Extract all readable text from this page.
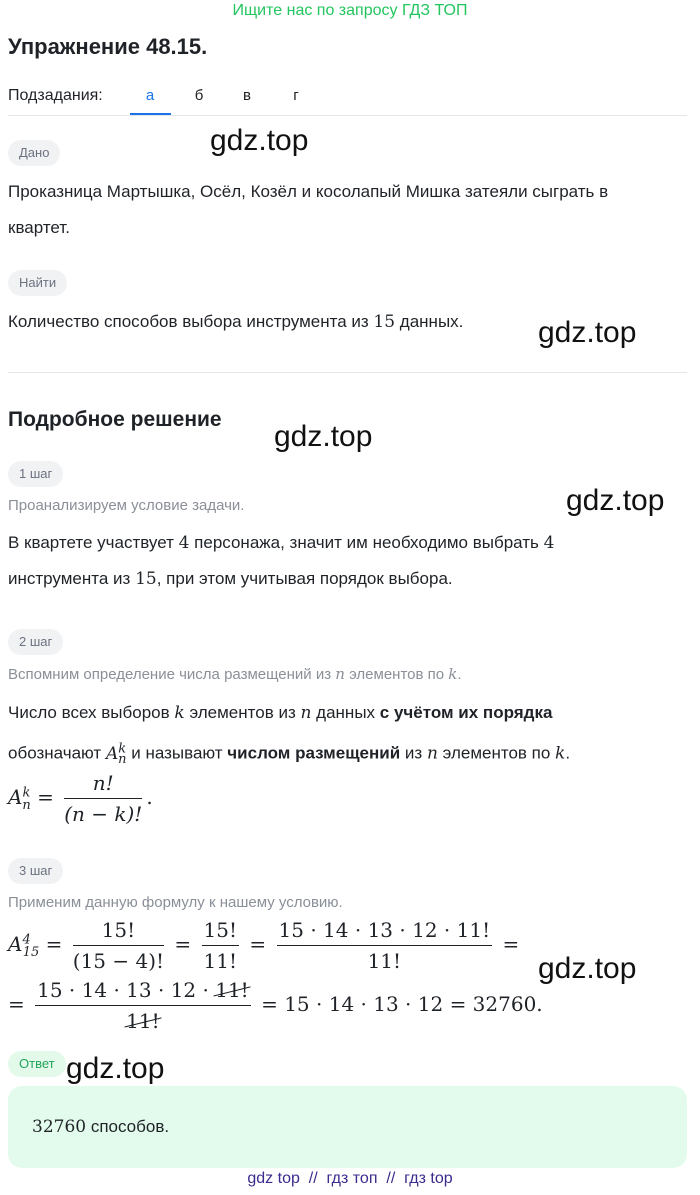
Ищите нас по запросу ГДЗ ТОП
Упражнение 48.15.
Подзадания:	а	б	в	г
Дано
Проказница Мартышка, Осёл, Козёл и косолапый Мишка затеяли сыграть в
квартет.
Найти
Количество способов выбора инструмента из 15 данных.
Подробное решение
1 шаг
Проанализируем условие задачи.
В квартете участвует 4 персонажа, значит им необходимо выбрать 4
инструмента из 15, при этом учитывая порядок выбора.
2 шаг
Вспомним определение числа размещений из n элементов по k.
Число всех выборов k элементов из n данных с учётом их порядка
обозначают $A^k_n$ и называют числом размещений из n элементов по k.
$A^k_n = \frac{n!}{(n - k)!}$ .
3 шаг
Применим данную формулу к нашему условию.
$A^4_{15} = \frac{15!}{(15 - 4)!} = \frac{15!}{11!} = \frac{15 \cdot 14 \cdot 13 \cdot 12 \cdot 11!}{11!}$ =
= $\frac{15 \cdot 14 \cdot 13 \cdot 12 \cdot 11!}{11!} = 15 \cdot 14 \cdot 13 \cdot 12 = 32760$.
Ответ
32760 способов.
gdz.top
gdz.top
gdz.top
gdz.top
gdz.top
gdz.top
gdz top  //  гдз топ  //  гдз top
